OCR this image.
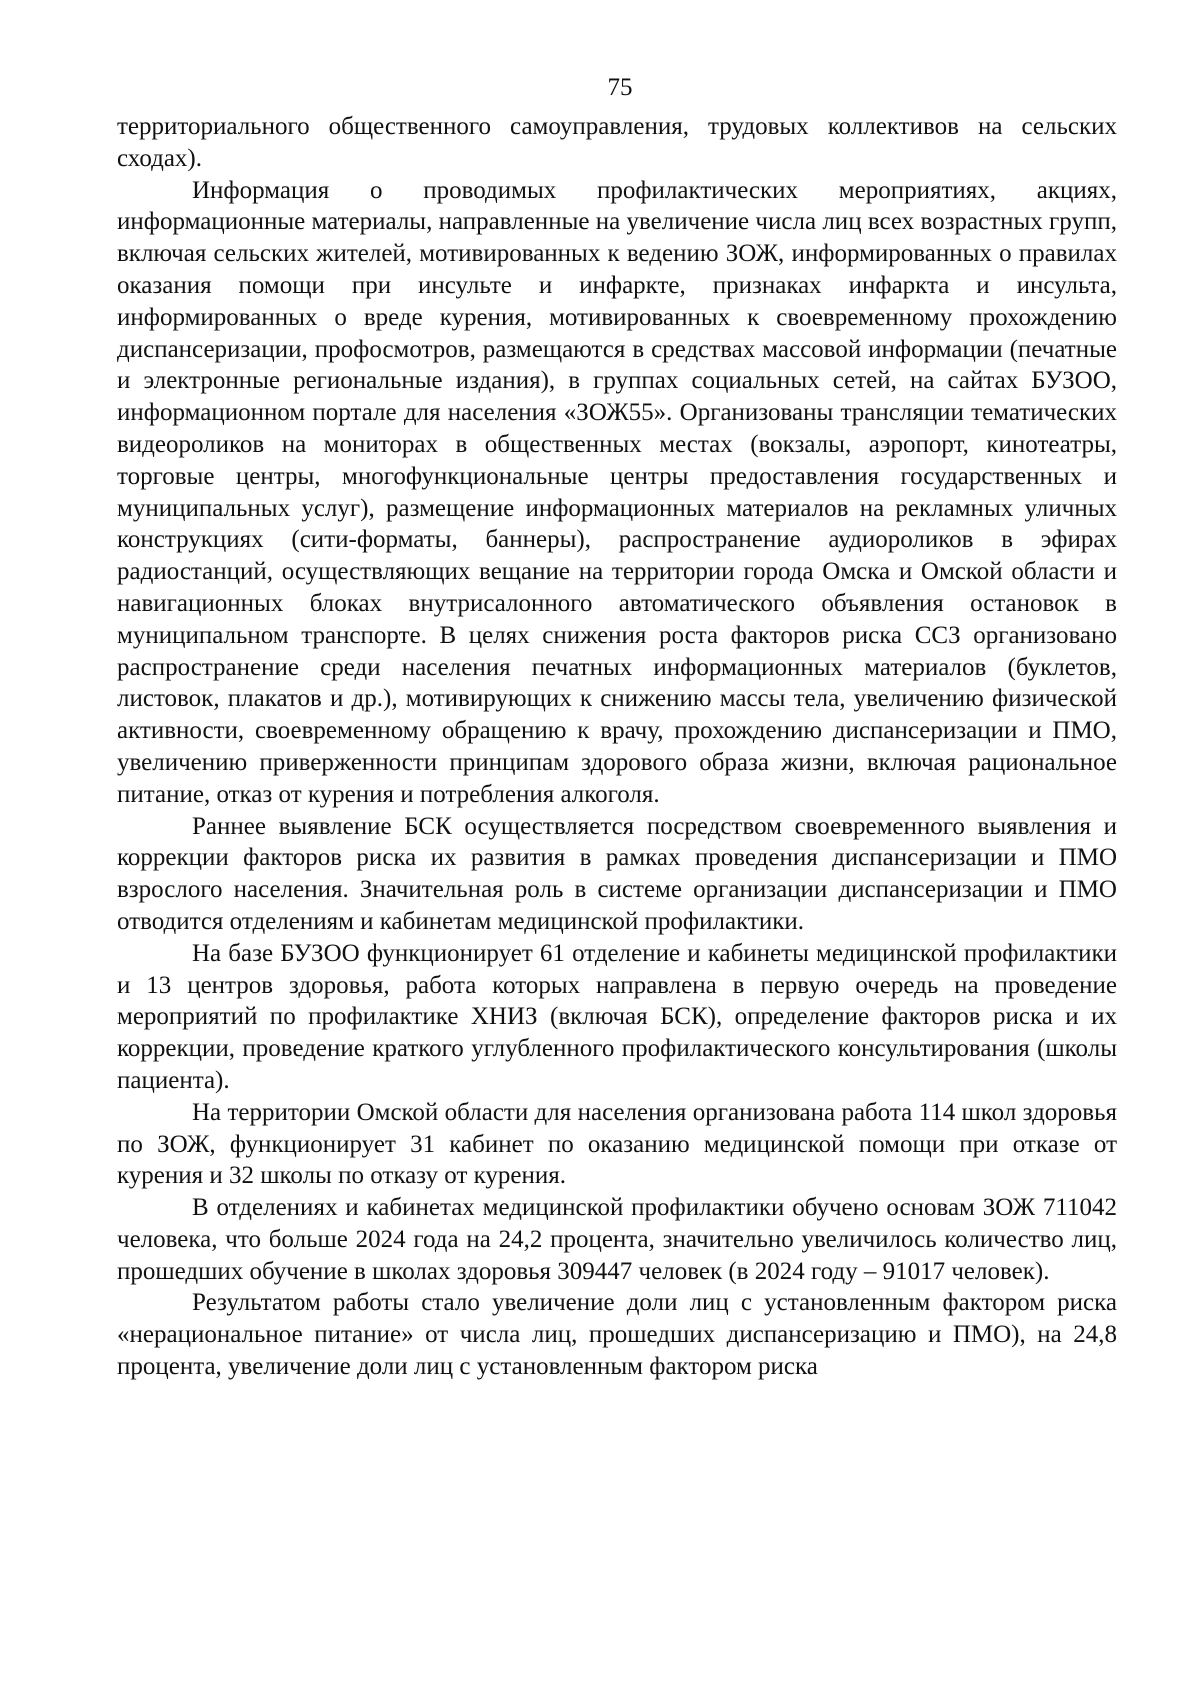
75

территориального общественного самоуправления, трудовых коллективов на сельских сходах).

Информация о проводимых профилактических мероприятиях, акциях, информационные материалы, направленные на увеличение числа лиц всех возрастных групп, включая сельских жителей, мотивированных к ведению ЗОЖ, информированных о правилах оказания помощи при инсульте и инфаркте, признаках инфаркта и инсульта, информированных о вреде курения, мотивированных к своевременному прохождению диспансеризации, профосмотров, размещаются в средствах массовой информации (печатные и электронные региональные издания), в группах социальных сетей, на сайтах БУЗОО, информационном портале для населения «ЗОЖ55». Организованы трансляции тематических видеороликов на мониторах в общественных местах (вокзалы, аэропорт, кинотеатры, торговые центры, многофункциональные центры предоставления государственных и муниципальных услуг), размещение информационных материалов на рекламных уличных конструкциях (сити-форматы, баннеры), распространение аудиороликов в эфирах радиостанций, осуществляющих вещание на территории города Омска и Омской области и навигационных блоках внутрисалонного автоматического объявления остановок в муниципальном транспорте. В целях снижения роста факторов риска ССЗ организовано распространение среди населения печатных информационных материалов (буклетов, листовок, плакатов и др.), мотивирующих к снижению массы тела, увеличению физической активности, своевременному обращению к врачу, прохождению диспансеризации и ПМО, увеличению приверженности принципам здорового образа жизни, включая рациональное питание, отказ от курения и потребления алкоголя.

Раннее выявление БСК осуществляется посредством своевременного выявления и коррекции факторов риска их развития в рамках проведения диспансеризации и ПМО взрослого населения. Значительная роль в системе организации диспансеризации и ПМО отводится отделениям и кабинетам медицинской профилактики.

На базе БУЗОО функционирует 61 отделение и кабинеты медицинской профилактики и 13 центров здоровья, работа которых направлена в первую очередь на проведение мероприятий по профилактике ХНИЗ (включая БСК), определение факторов риска и их коррекции, проведение краткого углубленного профилактического консультирования (школы пациента).

На территории Омской области для населения организована работа 114 школ здоровья по ЗОЖ, функционирует 31 кабинет по оказанию медицинской помощи при отказе от курения и 32 школы по отказу от курения.

В отделениях и кабинетах медицинской профилактики обучено основам ЗОЖ 711042 человека, что больше 2024 года на 24,2 процента, значительно увеличилось количество лиц, прошедших обучение в школах здоровья 309447 человек (в 2024 году – 91017 человек).

Результатом работы стало увеличение доли лиц с установленным фактором риска «нерациональное питание» от числа лиц, прошедших диспансеризацию и ПМО), на 24,8 процента, увеличение доли лиц с установленным фактором риска
